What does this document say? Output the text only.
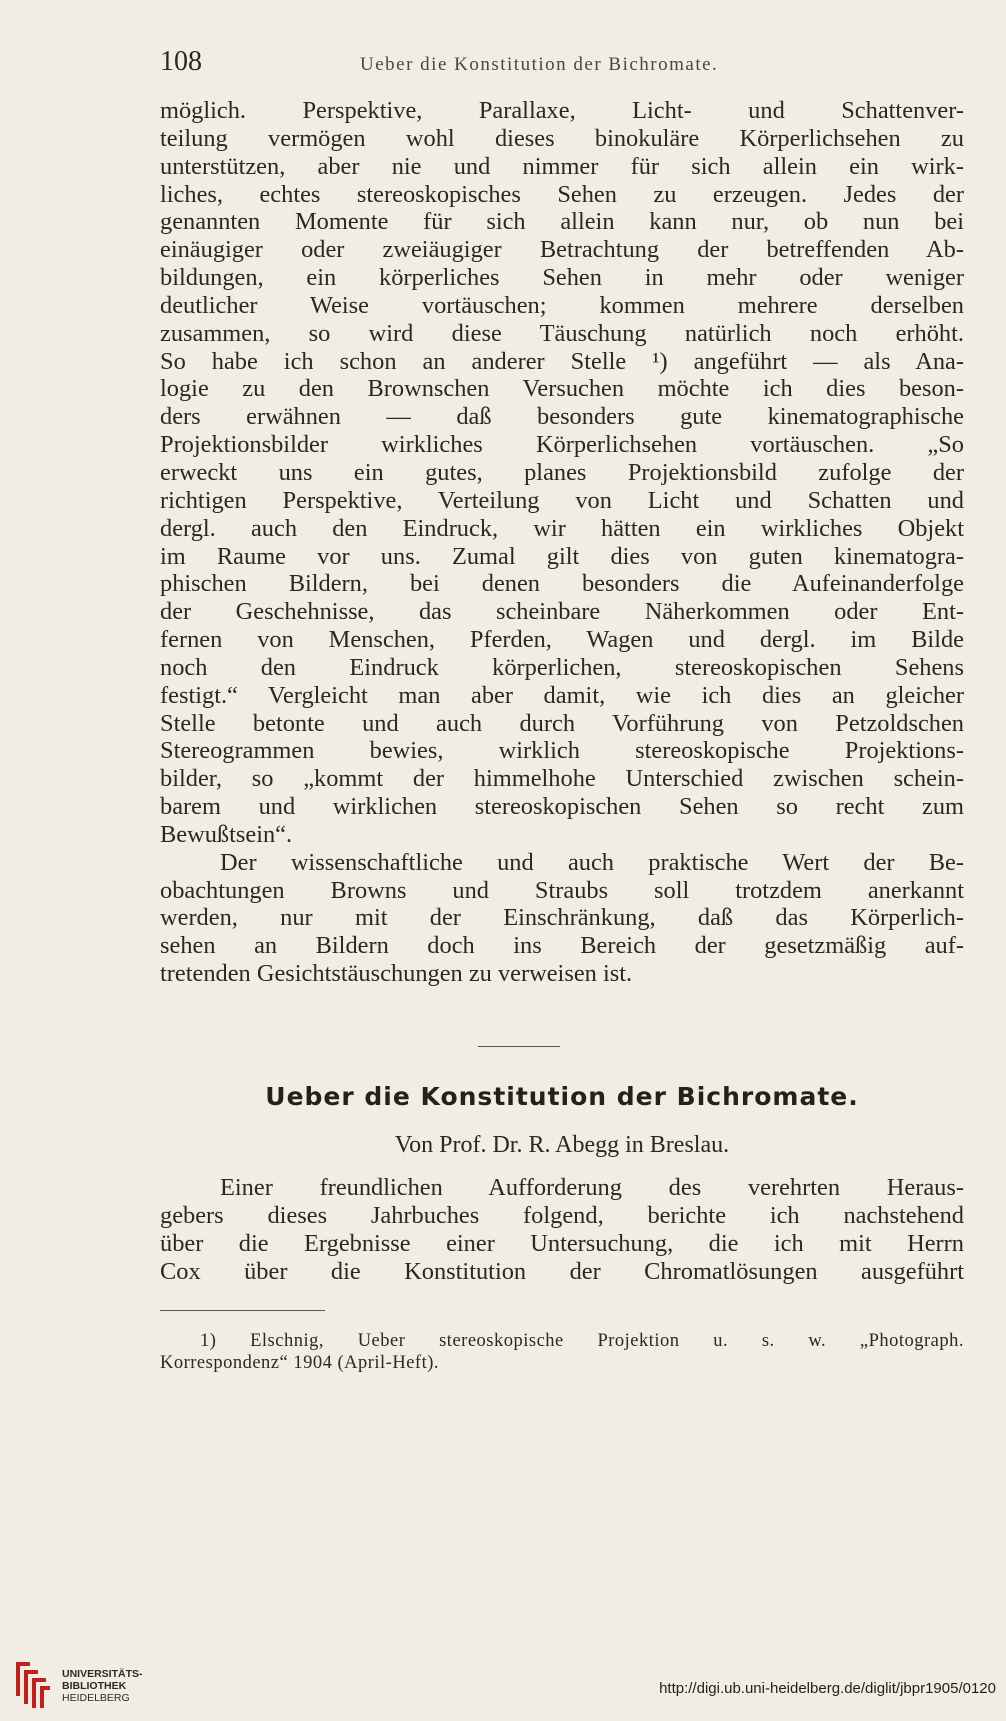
108	Ueber die Konstitution der Bichromate.
möglich. Perspektive, Parallaxe, Licht- und Schattenver-
teilung vermögen wohl dieses binokuläre Körperlichsehen zu
unterstützen, aber nie und nimmer für sich allein ein wirk-
liches, echtes stereoskopisches Sehen zu erzeugen. Jedes der
genannten Momente für sich allein kann nur, ob nun bei
einäugiger oder zweiäugiger Betrachtung der betreffenden Ab-
bildungen, ein körperliches Sehen in mehr oder weniger
deutlicher Weise vortäuschen; kommen mehrere derselben
zusammen, so wird diese Täuschung natürlich noch erhöht.
So habe ich schon an anderer Stelle ¹) angeführt — als Ana-
logie zu den Brownschen Versuchen möchte ich dies beson-
ders erwähnen — daß besonders gute kinematographische
Projektionsbilder wirkliches Körperlichsehen vortäuschen. „So
erweckt uns ein gutes, planes Projektionsbild zufolge der
richtigen Perspektive, Verteilung von Licht und Schatten und
dergl. auch den Eindruck, wir hätten ein wirkliches Objekt
im Raume vor uns. Zumal gilt dies von guten kinematogra-
phischen Bildern, bei denen besonders die Aufeinanderfolge
der Geschehnisse, das scheinbare Näherkommen oder Ent-
fernen von Menschen, Pferden, Wagen und dergl. im Bilde
noch den Eindruck körperlichen, stereoskopischen Sehens
festigt.“ Vergleicht man aber damit, wie ich dies an gleicher
Stelle betonte und auch durch Vorführung von Petzoldschen
Stereogrammen bewies, wirklich stereoskopische Projektions-
bilder, so „kommt der himmelhohe Unterschied zwischen schein-
barem und wirklichen stereoskopischen Sehen so recht zum
Bewußtsein“.
Der wissenschaftliche und auch praktische Wert der Be-
obachtungen Browns und Straubs soll trotzdem anerkannt
werden, nur mit der Einschränkung, daß das Körperlich-
sehen an Bildern doch ins Bereich der gesetzmäßig auf-
tretenden Gesichtstäuschungen zu verweisen ist.
Ueber die Konstitution der Bichromate.
Von Prof. Dr. R. Abegg in Breslau.
Einer freundlichen Aufforderung des verehrten Heraus-
gebers dieses Jahrbuches folgend, berichte ich nachstehend
über die Ergebnisse einer Untersuchung, die ich mit Herrn
Cox über die Konstitution der Chromatlösungen ausgeführt
1) Elschnig, Ueber stereoskopische Projektion u. s. w. „Photograph.
Korrespondenz“ 1904 (April-Heft).
UNIVERSITÄTS-
BIBLIOTHEK
HEIDELBERG
http://digi.ub.uni-heidelberg.de/diglit/jbpr1905/0120
